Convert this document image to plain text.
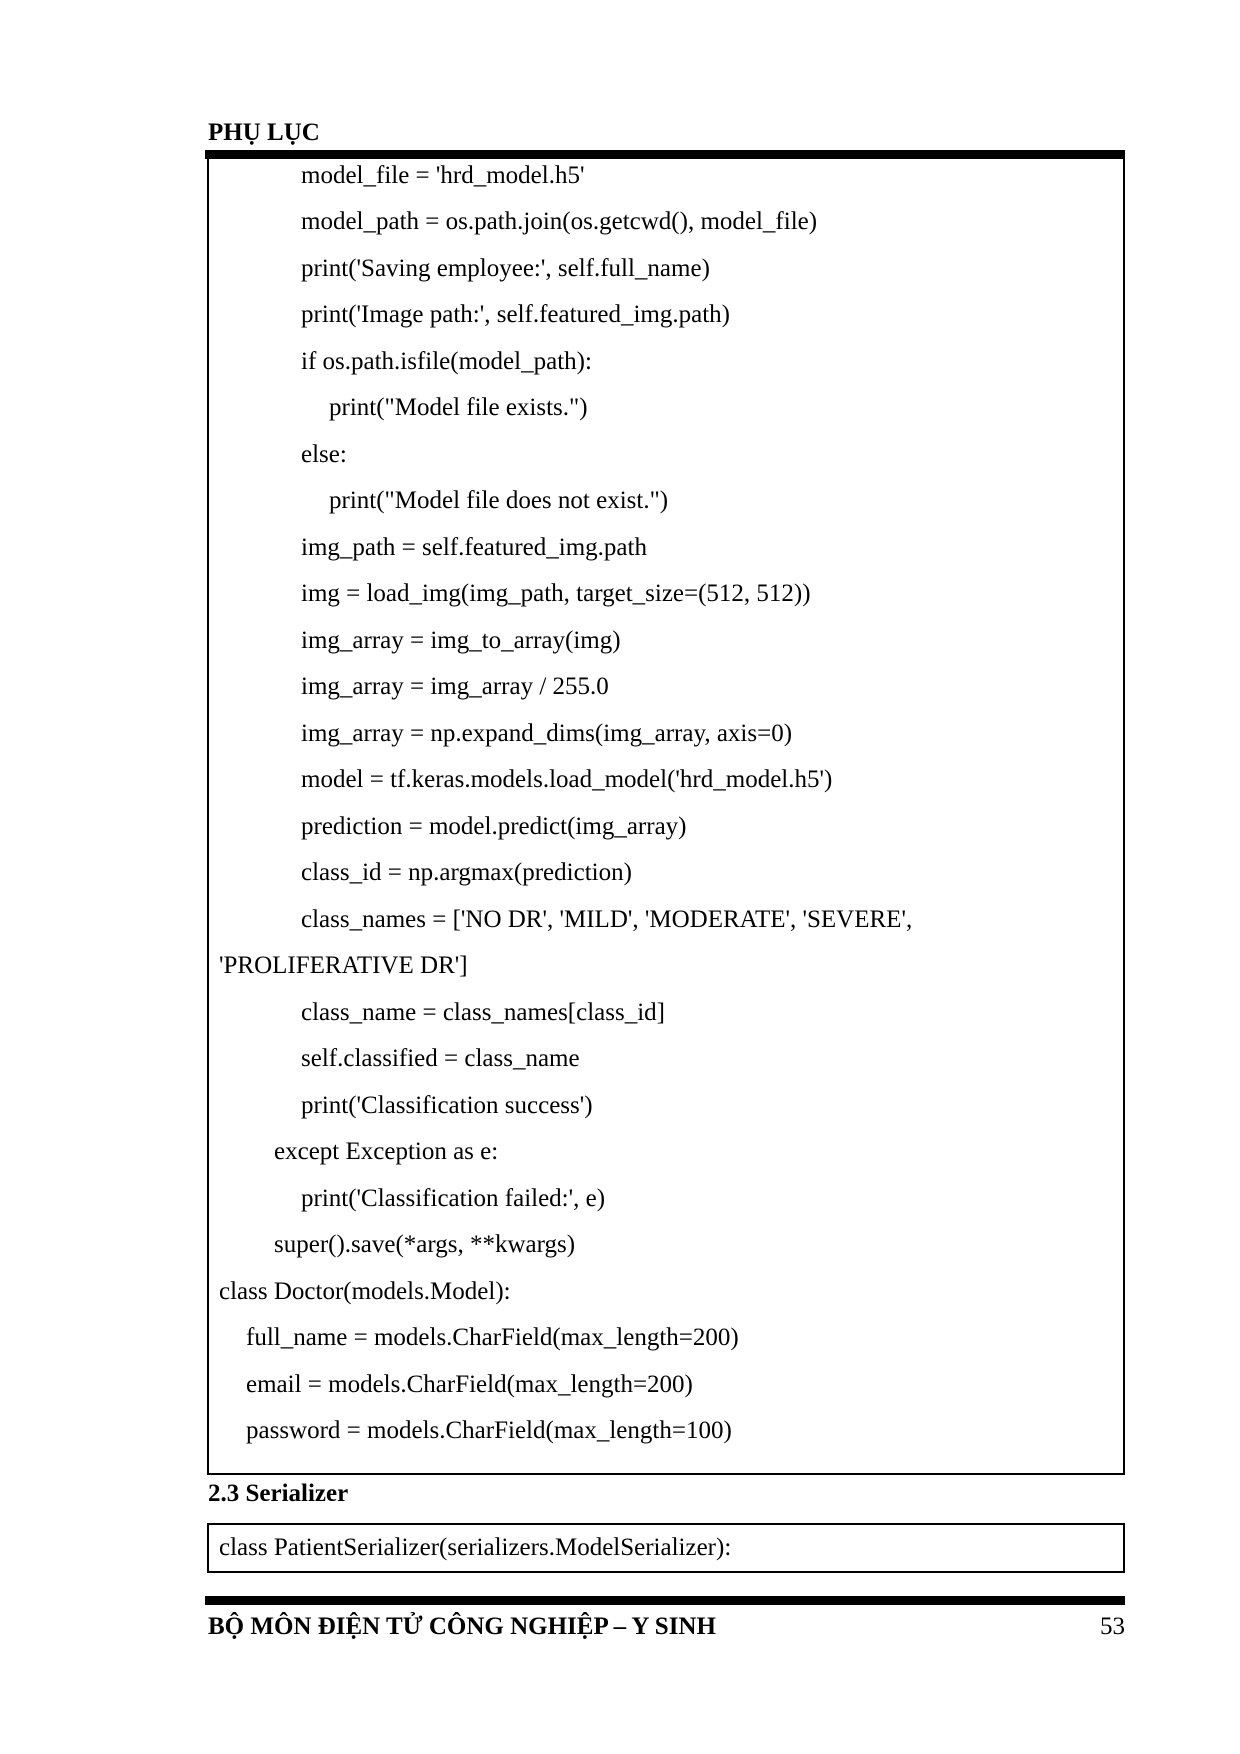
PHỤ LỤC
model_file = 'hrd_model.h5'
model_path = os.path.join(os.getcwd(), model_file)
print('Saving employee:', self.full_name)
print('Image path:', self.featured_img.path)
if os.path.isfile(model_path):
print("Model file exists.")
else:
print("Model file does not exist.")
img_path = self.featured_img.path
img = load_img(img_path, target_size=(512, 512))
img_array = img_to_array(img)
img_array = img_array / 255.0
img_array = np.expand_dims(img_array, axis=0)
model = tf.keras.models.load_model('hrd_model.h5')
prediction = model.predict(img_array)
class_id = np.argmax(prediction)
class_names = ['NO DR', 'MILD', 'MODERATE', 'SEVERE',
'PROLIFERATIVE DR']
class_name = class_names[class_id]
self.classified = class_name
print('Classification success')
except Exception as e:
print('Classification failed:', e)
super().save(*args, **kwargs)
class Doctor(models.Model):
full_name = models.CharField(max_length=200)
email = models.CharField(max_length=200)
password = models.CharField(max_length=100)
2.3 Serializer
class PatientSerializer(serializers.ModelSerializer):
BỘ MÔN ĐIỆN TỬ CÔNG NGHIỆP – Y SINH	53
